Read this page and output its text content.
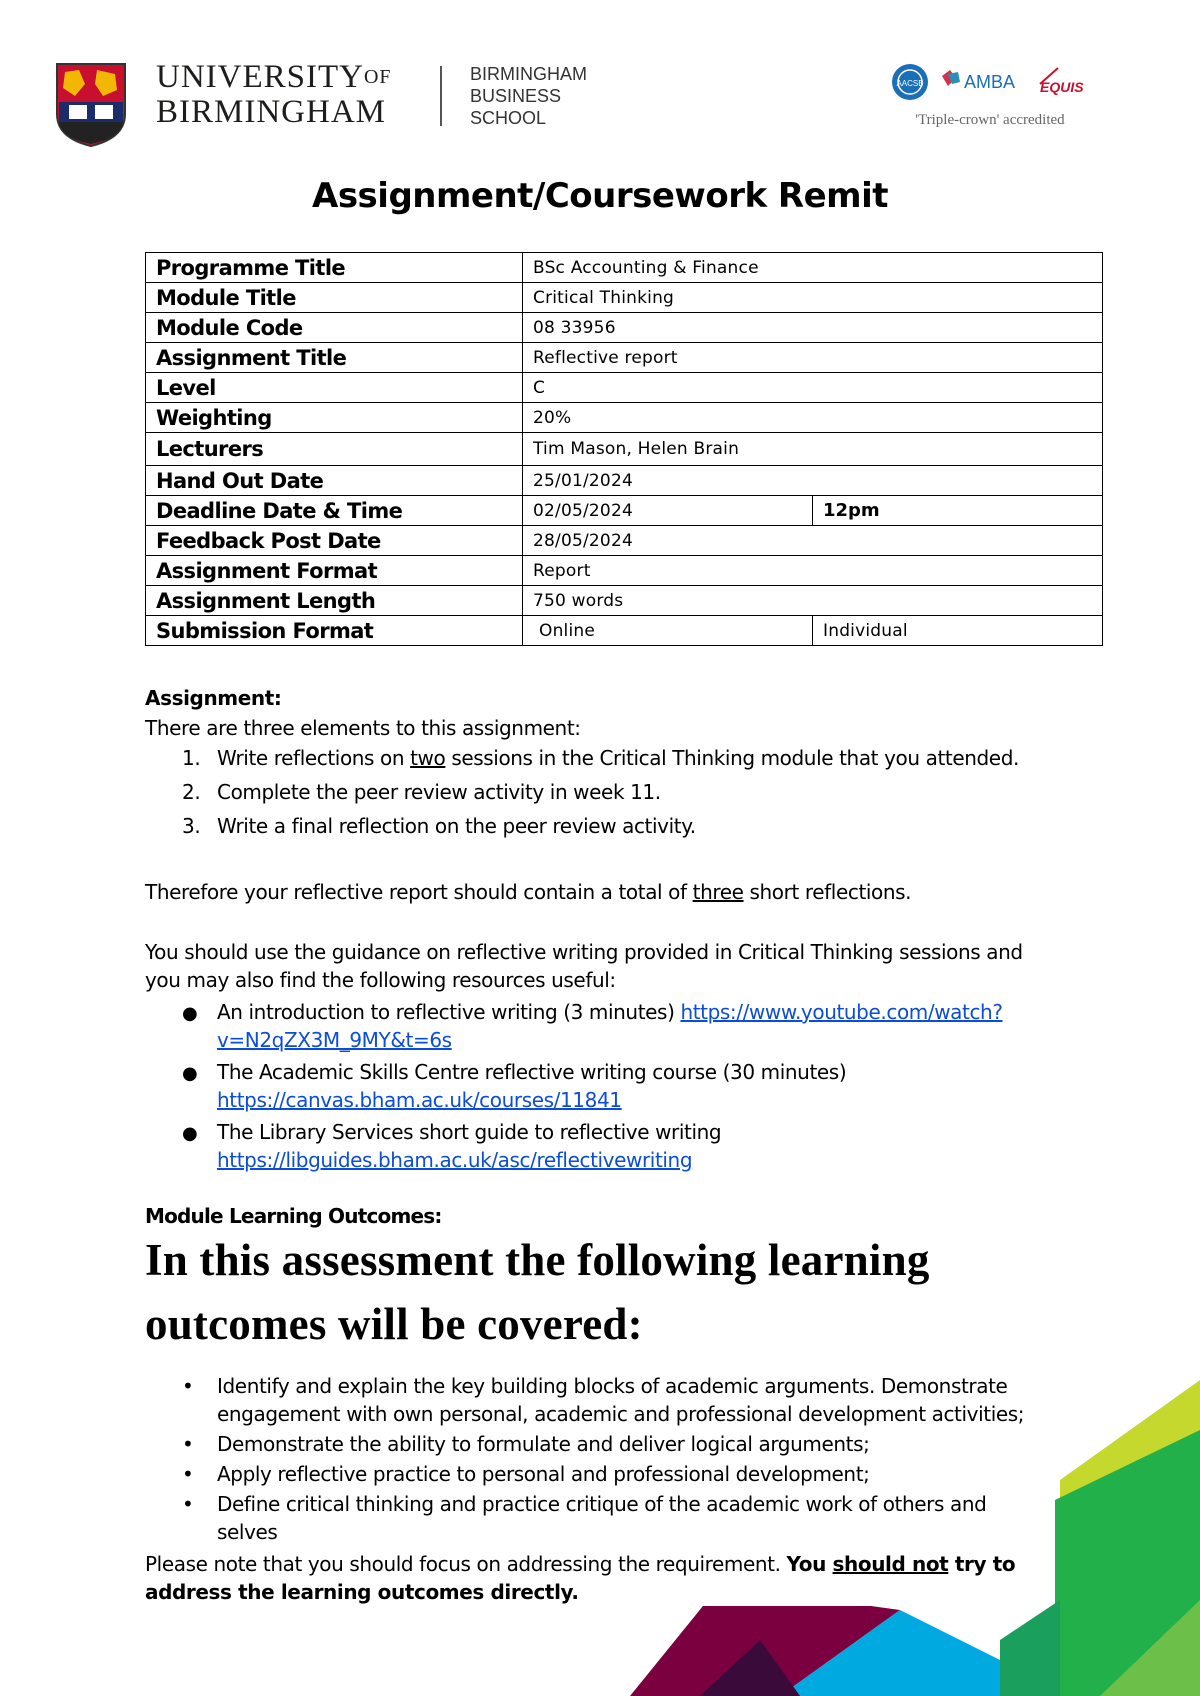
$UNIVERSITY^{OF}$
BIRMINGHAM
BIRMINGHAM
BUSINESS
SCHOOL
AACSB AMBA EQUIS
'Triple-crown' accredited
Assignment/Coursework Remit
Programme Title	BSc Accounting & Finance	
Module Title	Critical Thinking	
Module Code	08 33956	
Assignment Title	Reflective report	
Level	C	
Weighting	20%	
Lecturers	Tim Mason, Helen Brain	
Hand Out Date	25/01/2024	
Deadline Date & Time	02/05/2024	12pm
Feedback Post Date	28/05/2024	
Assignment Format	Report	
Assignment Length	750 words	
Submission Format	Online	Individual
Assignment:
There are three elements to this assignment:
1. Write reflections on two sessions in the Critical Thinking module that you attended.
2. Complete the peer review activity in week 11.
3. Write a final reflection on the peer review activity.
Therefore your reflective report should contain a total of three short reflections.
You should use the guidance on reflective writing provided in Critical Thinking sessions and
you may also find the following resources useful:
● An introduction to reflective writing (3 minutes) https://www.youtube.com/watch?
v=N2qZX3M_9MY&t=6s
● The Academic Skills Centre reflective writing course (30 minutes)
https://canvas.bham.ac.uk/courses/11841
● The Library Services short guide to reflective writing
https://libguides.bham.ac.uk/asc/reflectivewriting
Module Learning Outcomes:
In this assessment the following learning
outcomes will be covered:
• Identify and explain the key building blocks of academic arguments. Demonstrate
engagement with own personal, academic and professional development activities;
• Demonstrate the ability to formulate and deliver logical arguments;
• Apply reflective practice to personal and professional development;
• Define critical thinking and practice critique of the academic work of others and
selves
Please note that you should focus on addressing the requirement. You should not try to
address the learning outcomes directly.
